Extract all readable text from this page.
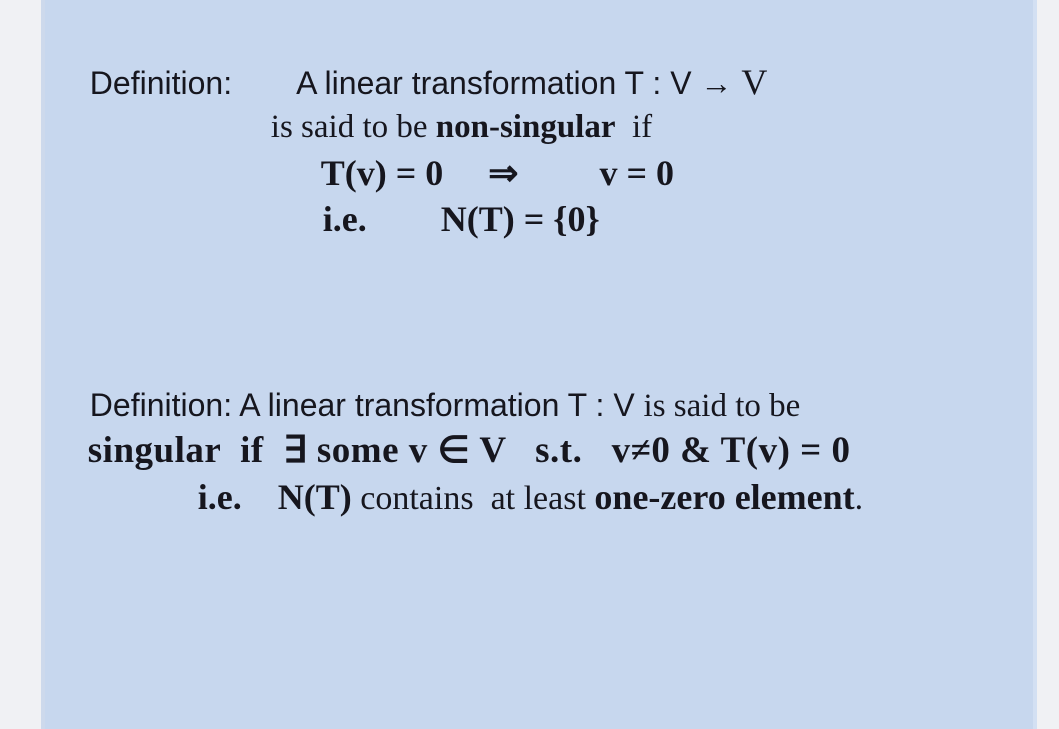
Definition: A linear transformation T : V → V

is said to be non-singular  if

T(v) = 0     ⇒         v = 0

i.e. N(T) = {0}

Definition: A linear transformation T : V is said to be

singular  if  ∃ some v ∈ V   s.t.   v≠0 & T(v) = 0

i.e. N(T) contains  at least one-zero element.
